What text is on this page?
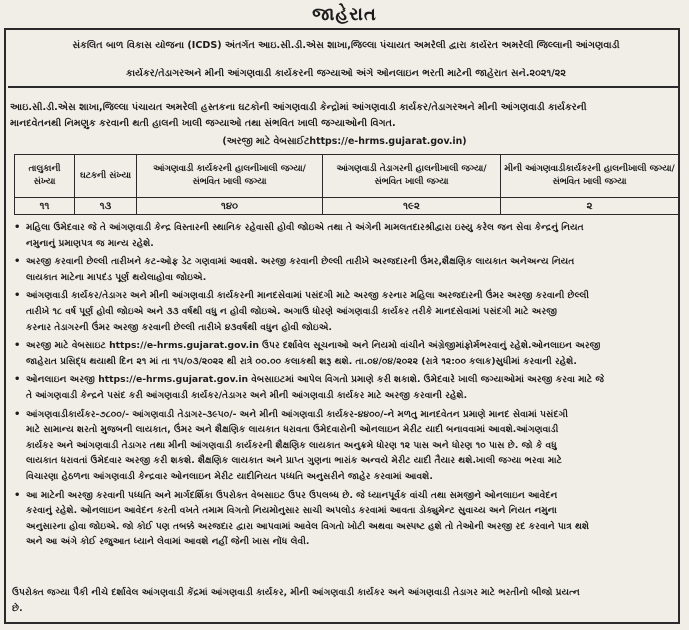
જાહેરાત
સંકલિત બાળ વિકાસ યોજના (ICDS) અંતર્ગત આઇ.સી.ડી.એસ શાખા,જિલ્લા પંચાયત અમરેલી દ્વારા કાર્યરત અમરેલી જિલ્લાની આંગણવાડી
કાર્યકર/તેડાગરઅને મીની આંગણવાડી કાર્યકરની જગ્યાઓ અંગે ઓનલાઇન ભરતી માટેની જાહેરાત સને.૨૦૨૧/૨૨
આઇ.સી.ડી.એસ શાખા,જિલ્લા પંચાયત અમરેલી હસ્તકના ઘટકોની આંગણવાડી કેન્દ્રોમાં આંગણવાડી કાર્યકર/તેડાગરઅને મીની આંગણવાડી કાર્યકરની
માનદવેતનથી નિમણુક કરવાની થતી હાલની ખાલી જગ્યાઓ તથા સંભવિત ખાલી જગ્યાઓની વિગત.
(અરજી માટે વેબસાઈટhttps://e-hrms.gujarat.gov.in)
તાલુકાની સંખ્યા	ઘટકની સંખ્યા	આંગણવાડી કાર્યકરની હાલનીખાલી જગ્યા/ સંભવિત ખાલી જગ્યા	આંગણવાડી તેડાગરની હાલનીખાલી જગ્યા/ સંભવિત ખાલી જગ્યા	મીની આંગણવાડીકાર્યકરની હાલનીખાલી જગ્યા/ સંભવિત ખાલી જગ્યા
૧૧	૧૩	૧૪૦	૧૯૨	૨
• મહિલા ઉમેદવાર જે તે આંગણવાડી કેન્દ્ર વિસ્તારની સ્થાનિક રહેવાસી હોવી જોઇએ તથા તે અંગેની મામલતદારશ્રીદ્વારા ઇસ્યુ કરેલ જન સેવા કેન્દ્રનું નિયત
નમુનાનું પ્રમાણપત્ર જ માન્ય રહેશે.
• અરજી કરવાની છેલ્લી તારીખને કટ-ઓફ ડેટ ગણવામાં આવશે. અરજી કરવાની છેલ્લી તારીખે અરજદારની ઉંમર,શૈક્ષણિક લાયકાત અનેઅન્ય નિયત
લાયકાત માટેના માપદંડ પૂર્ણ થયેલાહોવા જોઇએ.
• આંગણવાડી કાર્યકર/તેડાગર અને મીની આંગણવાડી કાર્યકરની માનદસેવામાં પસંદગી માટે અરજી કરનાર મહિલા અરજદારની ઉંમર અરજી કરવાની છેલ્લી
તારીખે ૧૮ વર્ષ પૂર્ણ હોવી જોઇએ અને ૩૩ વર્ષથી વધુ ન હોવી જોઇએ. અગાઉ ધોરણે આંગણવાડી કાર્યકર તરીકે માનદસેવામાં પસંદગી માટે અરજી
કરનાર તેડાગરની ઉંમર અરજી કરવાની છેલ્લી તારીખે ૪૩વર્ષથી વધુન હોવી જોઇએ.
• અરજી માટે વેબસાઇટ https://e-hrms.gujarat.gov.in ઉપર દર્શાવેલ સૂચનાઓ અને નિયમો વાંચીને અંગ્રેજીમાંફોર્મભરવાનું રહેશે.ઓનલાઇન અરજી
જાહેરાત પ્રસિદ્ધ થયાથી દિન ૨૧ માં તા ૧૫/૦૩/૨૦૨૨ થી રાત્રે ૦૦.૦૦ કલાકથી શરૂ થશે. તા.૦૪/૦૪/૨૦૨૨ (રાત્રે ૧૨:૦૦ કલાક)સુધીમાં કરવાની રહેશે.
• ઓનલાઇન અરજી https://e-hrms.gujarat.gov.in વેબસાઇટમાં આપેલ વિગતો પ્રમાણે કરી શકાશે. ઉમેદવારે ખાલી જગ્યાઓમાં અરજી કરવા માટે જે
તે આંગણવાડી કેન્દ્રને પસંદ કરી આંગણવાડી કાર્યકર/તેડાગર અને મીની આંગણવાડી કાર્યકર માટે અરજી કરવાની રહેશે.
• આંગણવાડીકાર્યકર-૭૮૦૦/- આંગણવાડી તેડાગર-૩૯૫૦/- અને મીની આંગણવાડી કાર્યકર-૪૪૦૦/-ને મળતુ માનદવેતન પ્રમાણે માનદ સેવામાં પસંદગી
માટે સામાન્ય શરતો મુજબની લાયકાત, ઉંમર અને શૈક્ષણિક લાયકાત ધરાવતા ઉમેદવારોની ઓનલાઇન મેરીટ યાદી બનાવવામાં આવશે.આંગણવાડી
કાર્યકર અને આંગણવાડી તેડાગર તથા મીની આંગણવાડી કાર્યકરની શૈક્ષણિક લાયકાત અનુક્રમે ધોરણ ૧૨ પાસ અને ધોરણ ૧૦ પાસ છે. જો કે વધુ
લાયકાત ધરાવતાં ઉમેદવાર અરજી કરી શકશે. શૈક્ષણિક લાયકાત અને પ્રાપ્ત ગુણના ભારાંક અન્વયે મેરીટ યાદી તૈયાર થશે.ખાલી જગ્યા ભરવા માટે
વિચારણા હેઠળના આંગણવાડી કેન્દ્રવાર ઓનલાઇન મેરીટ યાદીનિયત પધ્ધતિ અનુસરીને જાહેર કરવામાં આવશે.
• આ માટેની અરજી કરવાની પધ્ધતિ અને માર્ગદર્શિકા ઉપરોક્ત વેબસાઇટ ઉપર ઉપલબ્ધ છે. જે ધ્યાનપૂર્વક વાંચી તથા સમજીને ઓનલાઇન આવેદન
કરવાનું રહેશે. ઓનલાઇન આવેદન કરતી વખતે તમામ વિગતો નિયમોનુસાર સાચી અપલોડ કરવામાં આવતા ડોક્યુમેન્ટ સુવાચ્ય અને નિયત નમુના
અનુસારના હોવા જોઇએ. જો કોઈ પણ તબક્કે અરજદાર દ્વારા આપવામાં આવેલ વિગતો ખોટી અથવા અસ્પષ્ટ હશે તો તેઓની અરજી રદ કરવાને પાત્ર થશે
અને આ અંગે કોઈ રજુઆત ધ્યાને લેવામાં આવશે નહીં જેની ખાસ નોંધ લેવી.
ઉપરોક્ત જગ્યા પૈકી નીચે દર્શાવેલ આંગણવાડી કેંદ્રમાં આંગણવાડી કાર્યકર, મીની આંગણવાડી કાર્યકર અને આંગણવાડી તેડાગર માટે ભરતીનો બીજો પ્રયત્ન
છે.
